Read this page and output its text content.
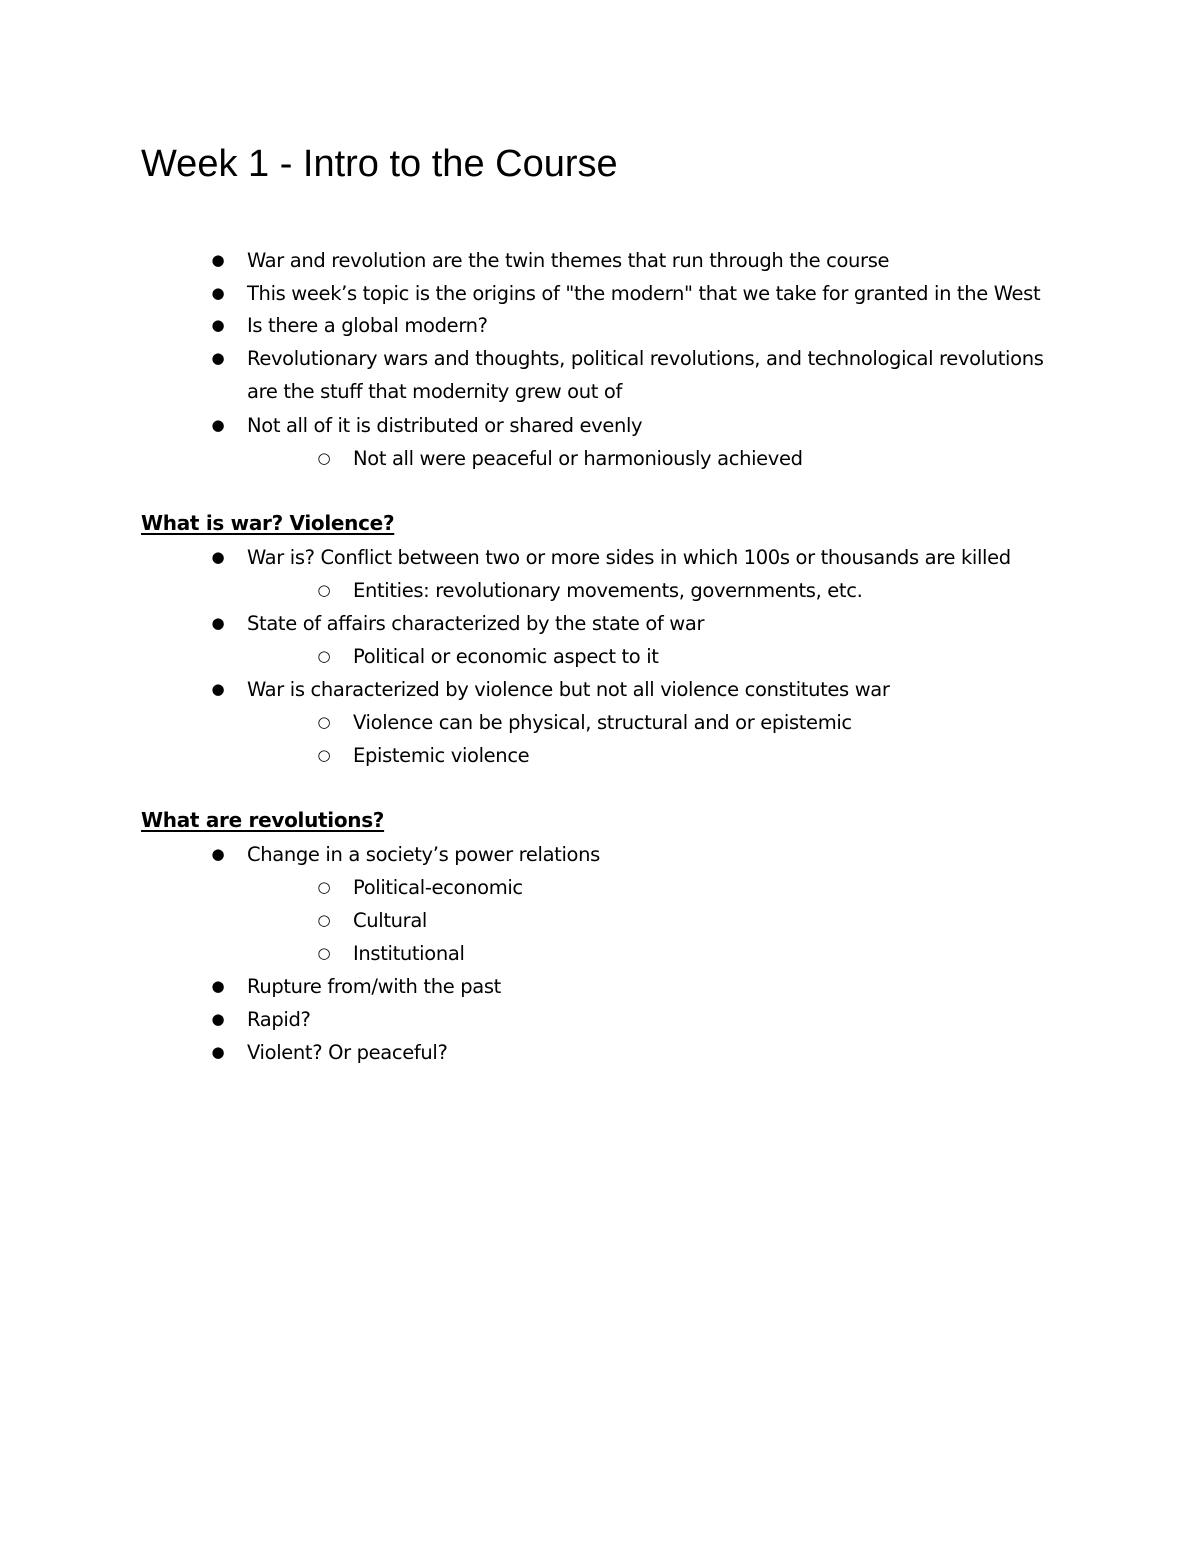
Week 1 - Intro to the Course
● War and revolution are the twin themes that run through the course

● This week’s topic is the origins of "the modern" that we take for granted in the West

● Is there a global modern?

● Revolutionary wars and thoughts, political revolutions, and technological revolutions

are the stuff that modernity grew out of

● Not all of it is distributed or shared evenly

○ Not all were peaceful or harmoniously achieved

What is war? Violence?
● War is? Conflict between two or more sides in which 100s or thousands are killed

○ Entities: revolutionary movements, governments, etc.

● State of affairs characterized by the state of war

○ Political or economic aspect to it

● War is characterized by violence but not all violence constitutes war

○ Violence can be physical, structural and or epistemic

○ Epistemic violence

What are revolutions?
● Change in a society’s power relations

○ Political-economic

○ Cultural

○ Institutional

● Rupture from/with the past

● Rapid?

● Violent? Or peaceful?
